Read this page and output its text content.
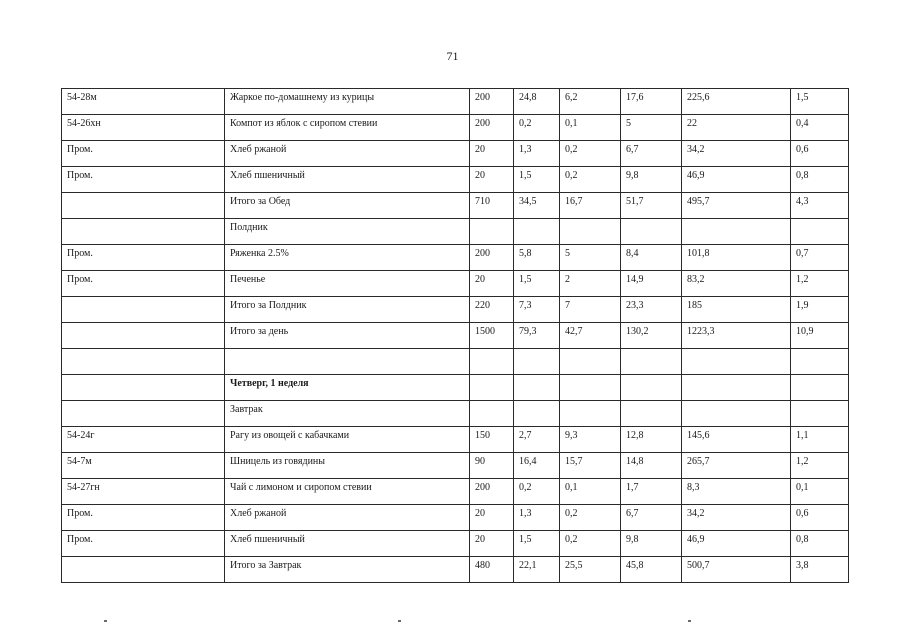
71
54-28м	Жаркое по-домашнему из курицы	200	24,8	6,2	17,6	225,6	1,5
54-26хн	Компот из яблок с сиропом стевии	200	0,2	0,1	5	22	0,4
Пром.	Хлеб ржаной	20	1,3	0,2	6,7	34,2	0,6
Пром.	Хлеб пшеничный	20	1,5	0,2	9,8	46,9	0,8
	Итого за Обед	710	34,5	16,7	51,7	495,7	4,3
	Полдник						
Пром.	Ряженка 2.5%	200	5,8	5	8,4	101,8	0,7
Пром.	Печенье	20	1,5	2	14,9	83,2	1,2
	Итого за Полдник	220	7,3	7	23,3	185	1,9
	Итого за день	1500	79,3	42,7	130,2	1223,3	10,9

	Четверг, 1 неделя						
	Завтрак						
54-24г	Рагу из овощей с кабачками	150	2,7	9,3	12,8	145,6	1,1
54-7м	Шницель из говядины	90	16,4	15,7	14,8	265,7	1,2
54-27гн	Чай с лимоном и сиропом стевии	200	0,2	0,1	1,7	8,3	0,1
Пром.	Хлеб ржаной	20	1,3	0,2	6,7	34,2	0,6
Пром.	Хлеб пшеничный	20	1,5	0,2	9,8	46,9	0,8
	Итого за Завтрак	480	22,1	25,5	45,8	500,7	3,8
